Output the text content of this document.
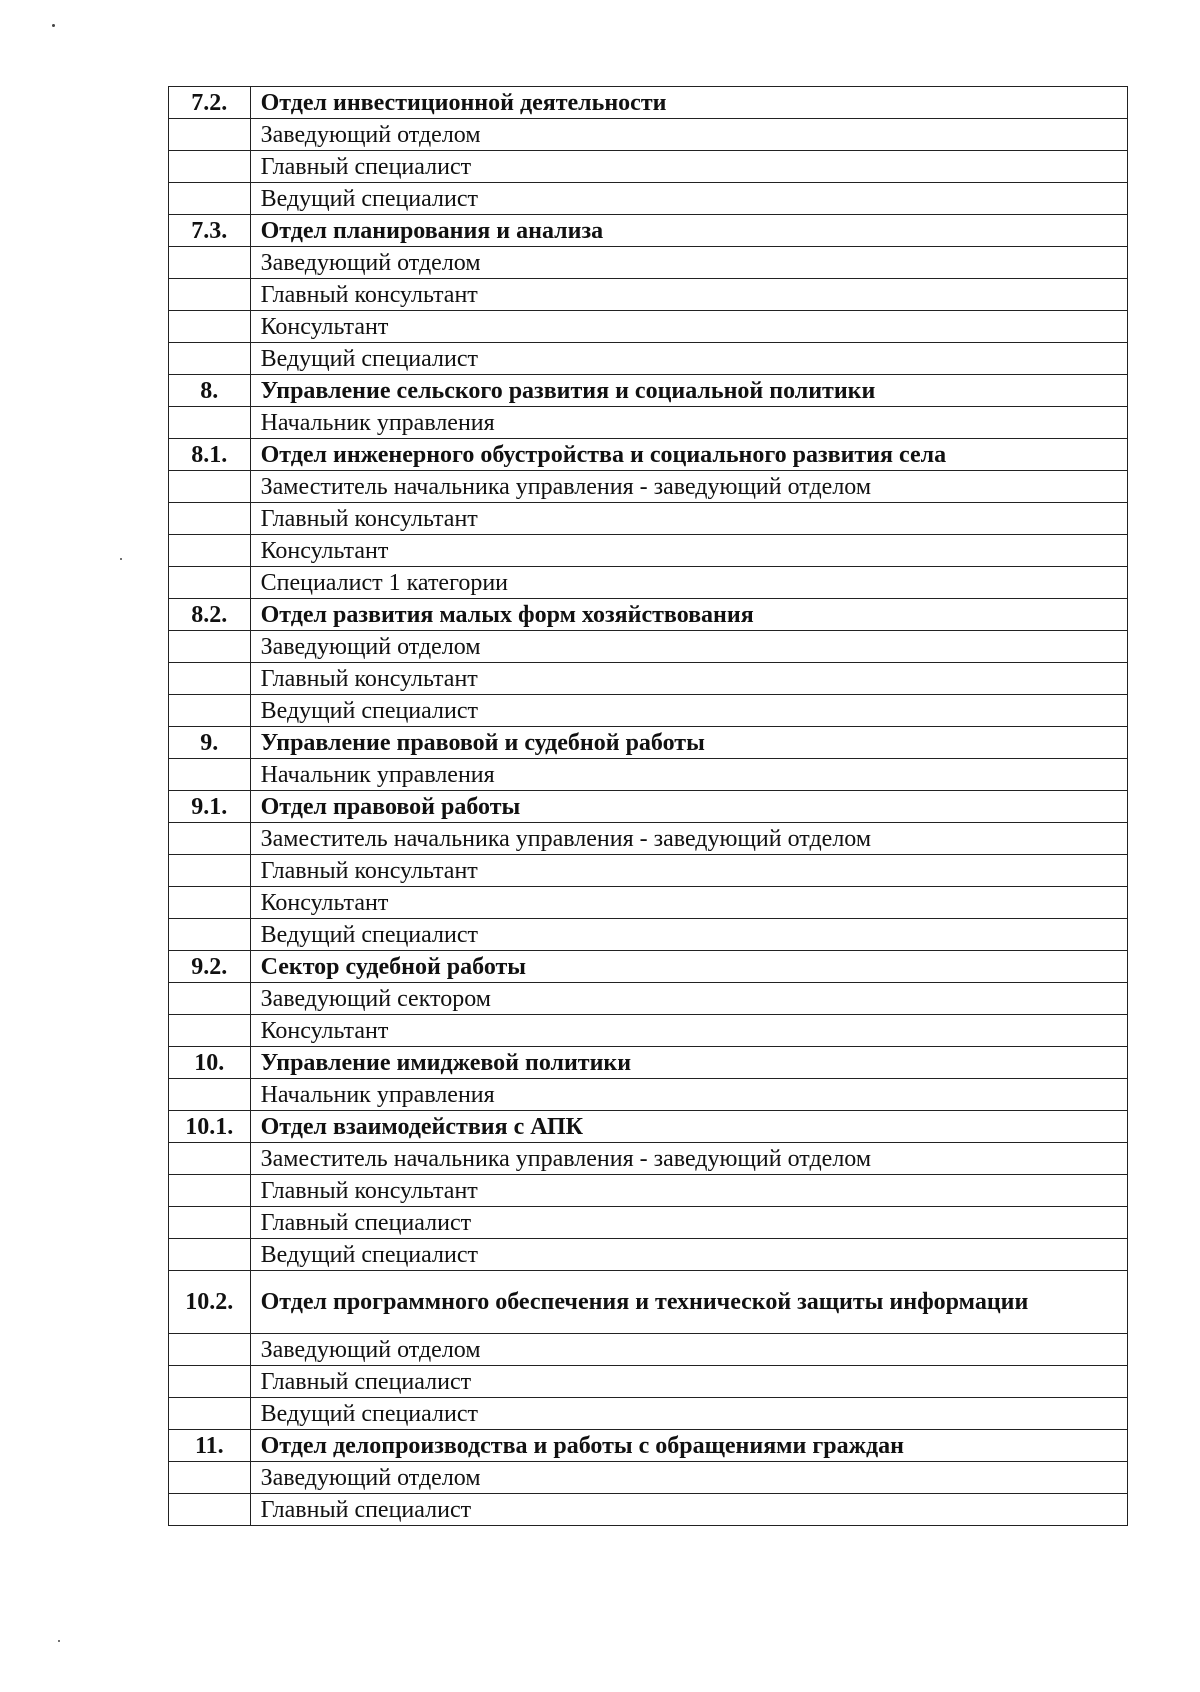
7.2.	Отдел инвестиционной деятельности
	Заведующий отделом
	Главный специалист
	Ведущий специалист
7.3.	Отдел планирования и анализа
	Заведующий отделом
	Главный консультант
	Консультант
	Ведущий специалист
8.	Управление сельского развития и социальной политики
	Начальник управления
8.1.	Отдел инженерного обустройства и социального развития села
	Заместитель начальника управления - заведующий отделом
	Главный консультант
	Консультант
	Специалист 1 категории
8.2.	Отдел развития малых форм хозяйствования
	Заведующий отделом
	Главный консультант
	Ведущий специалист
9.	Управление правовой и судебной работы
	Начальник управления
9.1.	Отдел правовой работы
	Заместитель начальника управления - заведующий отделом
	Главный консультант
	Консультант
	Ведущий специалист
9.2.	Сектор судебной работы
	Заведующий сектором
	Консультант
10.	Управление имиджевой политики
	Начальник управления
10.1.	Отдел взаимодействия с АПК
	Заместитель начальника управления - заведующий отделом
	Главный консультант
	Главный специалист
	Ведущий специалист
10.2.	Отдел программного обеспечения и технической защиты информации
	Заведующий отделом
	Главный специалист
	Ведущий специалист
11.	Отдел делопроизводства и работы с обращениями граждан
	Заведующий отделом
	Главный специалист
